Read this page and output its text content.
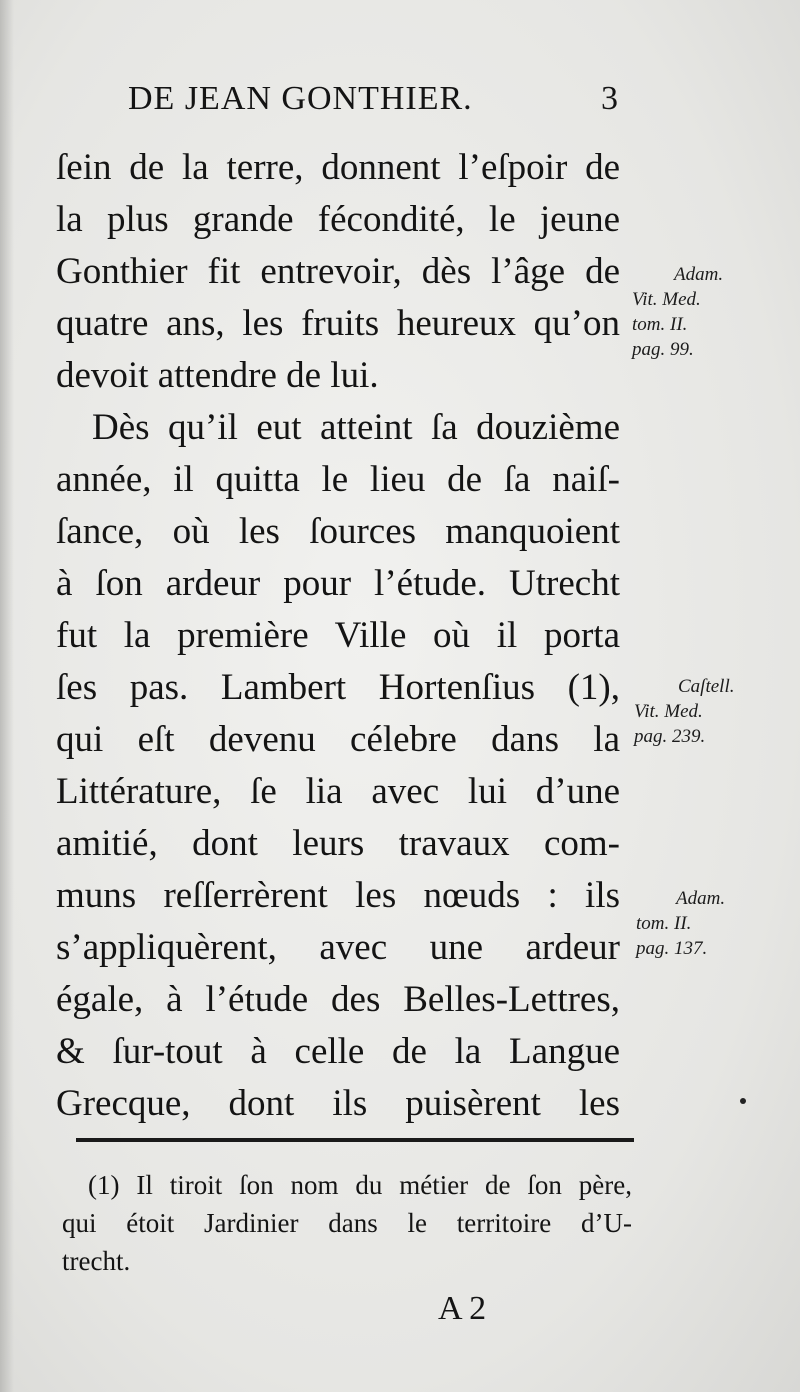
DE JEAN GONTHIER.	3
ſein de la terre, donnent l’eſpoir de
la plus grande fécondité, le jeune
Gonthier fit entrevoir, dès l’âge de
quatre ans, les fruits heureux qu’on
devoit attendre de lui.
Dès qu’il eut atteint ſa douzième
année, il quitta le lieu de ſa naiſ-
ſance, où les ſources manquoient
à ſon ardeur pour l’étude. Utrecht
fut la première Ville où il porta
ſes pas. Lambert Hortenſius (1),
qui eſt devenu célebre dans la
Littérature, ſe lia avec lui d’une
amitié, dont leurs travaux com-
muns reſſerrèrent les nœuds : ils
s’appliquèrent, avec une ardeur
égale, à l’étude des Belles-Lettres,
& ſur-tout à celle de la Langue
Grecque, dont ils puisèrent les
Adam.
Vit. Med.
tom. II.
pag. 99.
Caſtell.
Vit. Med.
pag. 239.
Adam.
tom. II.
pag. 137.
(1) Il tiroit ſon nom du métier de ſon père,
qui étoit Jardinier dans le territoire d’U-
trecht.
A 2
